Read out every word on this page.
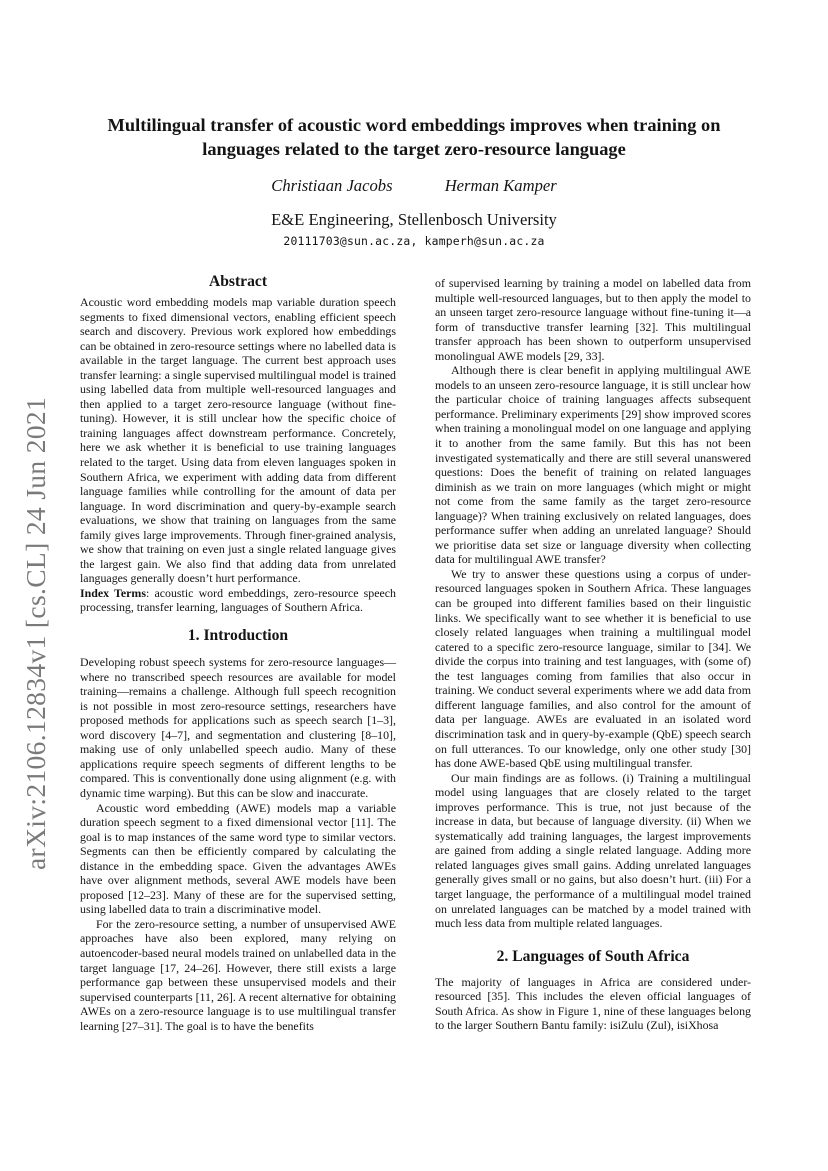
arXiv:2106.12834v1 [cs.CL] 24 Jun 2021
Multilingual transfer of acoustic word embeddings improves when training on languages related to the target zero-resource language
Christiaan Jacobs	Herman Kamper
E&E Engineering, Stellenbosch University
20111703@sun.ac.za, kamperh@sun.ac.za
Abstract

Acoustic word embedding models map variable duration speech segments to fixed dimensional vectors, enabling efficient speech search and discovery. Previous work explored how embeddings can be obtained in zero-resource settings where no labelled data is available in the target language. The current best approach uses transfer learning: a single supervised multilingual model is trained using labelled data from multiple well-resourced languages and then applied to a target zero-resource language (without fine-tuning). However, it is still unclear how the specific choice of training languages affect downstream performance. Concretely, here we ask whether it is beneficial to use training languages related to the target. Using data from eleven languages spoken in Southern Africa, we experiment with adding data from different language families while controlling for the amount of data per language. In word discrimination and query-by-example search evaluations, we show that training on languages from the same family gives large improvements. Through finer-grained analysis, we show that training on even just a single related language gives the largest gain. We also find that adding data from unrelated languages generally doesn’t hurt performance.

Index Terms: acoustic word embeddings, zero-resource speech processing, transfer learning, languages of Southern Africa.

1. Introduction

Developing robust speech systems for zero-resource languages—where no transcribed speech resources are available for model training—remains a challenge. Although full speech recognition is not possible in most zero-resource settings, researchers have proposed methods for applications such as speech search [1–3], word discovery [4–7], and segmentation and clustering [8–10], making use of only unlabelled speech audio. Many of these applications require speech segments of different lengths to be compared. This is conventionally done using alignment (e.g. with dynamic time warping). But this can be slow and inaccurate.

Acoustic word embedding (AWE) models map a variable duration speech segment to a fixed dimensional vector [11]. The goal is to map instances of the same word type to similar vectors. Segments can then be efficiently compared by calculating the distance in the embedding space. Given the advantages AWEs have over alignment methods, several AWE models have been proposed [12–23]. Many of these are for the supervised setting, using labelled data to train a discriminative model.

For the zero-resource setting, a number of unsupervised AWE approaches have also been explored, many relying on autoencoder-based neural models trained on unlabelled data in the target language [17, 24–26]. However, there still exists a large performance gap between these unsupervised models and their supervised counterparts [11, 26]. A recent alternative for obtaining AWEs on a zero-resource language is to use multilingual transfer learning [27–31]. The goal is to have the benefits

of supervised learning by training a model on labelled data from multiple well-resourced languages, but to then apply the model to an unseen target zero-resource language without fine-tuning it—a form of transductive transfer learning [32]. This multilingual transfer approach has been shown to outperform unsupervised monolingual AWE models [29, 33].

Although there is clear benefit in applying multilingual AWE models to an unseen zero-resource language, it is still unclear how the particular choice of training languages affects subsequent performance. Preliminary experiments [29] show improved scores when training a monolingual model on one language and applying it to another from the same family. But this has not been investigated systematically and there are still several unanswered questions: Does the benefit of training on related languages diminish as we train on more languages (which might or might not come from the same family as the target zero-resource language)? When training exclusively on related languages, does performance suffer when adding an unrelated language? Should we prioritise data set size or language diversity when collecting data for multilingual AWE transfer?

We try to answer these questions using a corpus of under-resourced languages spoken in Southern Africa. These languages can be grouped into different families based on their linguistic links. We specifically want to see whether it is beneficial to use closely related languages when training a multilingual model catered to a specific zero-resource language, similar to [34]. We divide the corpus into training and test languages, with (some of) the test languages coming from families that also occur in training. We conduct several experiments where we add data from different language families, and also control for the amount of data per language. AWEs are evaluated in an isolated word discrimination task and in query-by-example (QbE) speech search on full utterances. To our knowledge, only one other study [30] has done AWE-based QbE using multilingual transfer.

Our main findings are as follows. (i) Training a multilingual model using languages that are closely related to the target improves performance. This is true, not just because of the increase in data, but because of language diversity. (ii) When we systematically add training languages, the largest improvements are gained from adding a single related language. Adding more related languages gives small gains. Adding unrelated languages generally gives small or no gains, but also doesn’t hurt. (iii) For a target language, the performance of a multilingual model trained on unrelated languages can be matched by a model trained with much less data from multiple related languages.

2. Languages of South Africa

The majority of languages in Africa are considered under-resourced [35]. This includes the eleven official languages of South Africa. As show in Figure 1, nine of these languages belong to the larger Southern Bantu family: isiZulu (Zul), isiXhosa
